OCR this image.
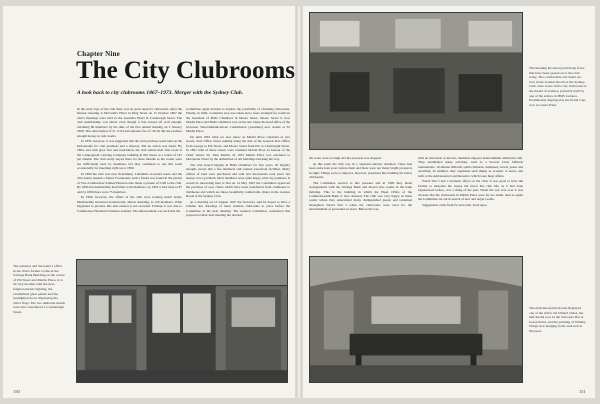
Chapter Nine
The City Clubrooms
A look back to city clubrooms 1867–1973. Merger with the Sydney Club.

In the early days of the club there was no great need for clubrooms. After the historic meeting at McGrath's Hotel in King Street on 15 October 1867 the club's meetings were held in the Australia Hotel in Castlereagh Street. The club membership was small, even though it had started off well enough, obtaining 86 members by the time of the first annual meeting on 2 January 1868. The subscription of £1 1s 0d and entrance fee of 10s 6d did not produce enough money to rent rooms.

In 1870, however, it was suggested that the club purchase some land on the harbourside for club premises and a slipway. But no action was taken. By 1884, and with great fear and trepidation, the club rented their first room at the Campagnoni Catering Company building in Pitt Street at a rental of £45 per annum. The club really stayed there for three months as the rooms were not sufficiently used by members, but they continued to use this room occasionally for meetings right up to 1890.

In 1890 the club was now flourishing. Liabilities exceeded assets and the club nearly needed a friend. Fortunately such a friend was found in the person of Vice-Commodore Samuel Hordern who made a present of £100 to the club. By 1890 the membership had fallen to 60 members, by 1891 it had risen to 87 and by 1899 there were 75 members.

In 1900, however, the affairs of the club were looking much better. Membership increased dramatically, almost doubling, to 150 members. What happened to produce this turn-around is not recorded. Perhaps it was due to Commodore Hordern's business acumen. The improvement was such that the

Committee again decided to explore the possibility of obtaining clubrooms. Finally, in 1904, a tentative step was taken and a lease arranged for rooms in the basement of Bulls Chambers in Moore Street. Moore Street is now Martin Place and Bulls Chambers was on the site where the head office of the Overseas Telecommunications Commission (Australia) now stands at 32 Martin Place.

Up until 1891 what we now know as Martin Place consisted of two streets. Post Office Street running along the side of the General Post Office from George to Pitt Street, and Moore Street from Pitt to Castlereagh Street. In 1891 both of these streets were renamed Martin Place in honour of the Chief Justice Sir John Martin. In 1935 Martin Place was extended to Macquarie Street by the demolition of old buildings blocking the way.

The club stayed happily in Bulls Chambers for five years. Or happily enough, except that a few members still wanted waterfront facilities. Many offices of land were purchased and sold and discussions took place but money was a problem. Most members were quite happy with city premises. It would be interesting here is that on 14 May 1903 the Committee approved the purchase of easy chairs which have been transferred from clubhouse to clubhouse and which are those beautifully comfortable chairs in the Galatea Room at the Sydney Club.

At a meeting on 13 August 1907 the Secretary said he hoped to have a scheme and drawings of more suitable clubrooms to place before the Committee at the next meeting. The General Committee considered this proposal at their next meeting but decided

The entrance and Secretary's office in the club's former rooms in the Savings Bank Building on the corner of Pitt Street and Martin Place. It is all very modern with the new-fangled electric lighting, the candlelined glass panels and the leadlighted doors displaying the club's flags. The two umbrella stands were later transferred to Castlereagh Street.
150
The Reading Room beyond many faces that have been passed on to the club today. The comfortable old chairs are now in the Galatea Room at the Sydney Club. Also in the club's city clubrooms is the model of Galatea, probably built by one of the sailors in HMS Galatea. Prominently displayed in the Petrel Cup, now at Green Point.

the room were too high and the proposal was dropped.

At this point the club was in a 'spend-no-money' situation. There had been some lean years before them and there were not many bright prospects in sight. Things were to improve, however, presented this building for better clubrooms.

The Committee reacted to this pressure and in 1909 they made arrangements with the Savings Bank and moved into rooms in the bank building. This is the building in which the Head Office of the Commonwealth Bank is now situated. The club was very happy in these rooms where they entertained many distinguished guests and remained throughout World War I when the clubrooms were used for the entertainment of personnel on leave. Before the war,

with no television or movies, members enjoyed entertainment within the club. They established many activities, such as a Swords Club, billiards tournaments, 10-minute billiards, spirits billiards, dominoes, bowls, poker and wrestling. In addition, they organised such things as acoustic at notes, and balls at the Ambassador's and Rosario's which were huge affairs.

World War I had a dramatic effect on the club. It was good to have the facility to entertain the troops but never has club life, as it had been experienced before, was a thing of the past. When the war was over it was obvious that the clubrooms in Martin Place were far too small. And so again the Committee set out in search of new and larger rooms.

Suggestions came from far and wide. Such Apsa

The main Reception Room displayed one of the club's old billiard tables, the half-model now in the Schooner Bar at Green Point, and the painting of Whisky Wings now hanging in the stairwell at Newport.
151
